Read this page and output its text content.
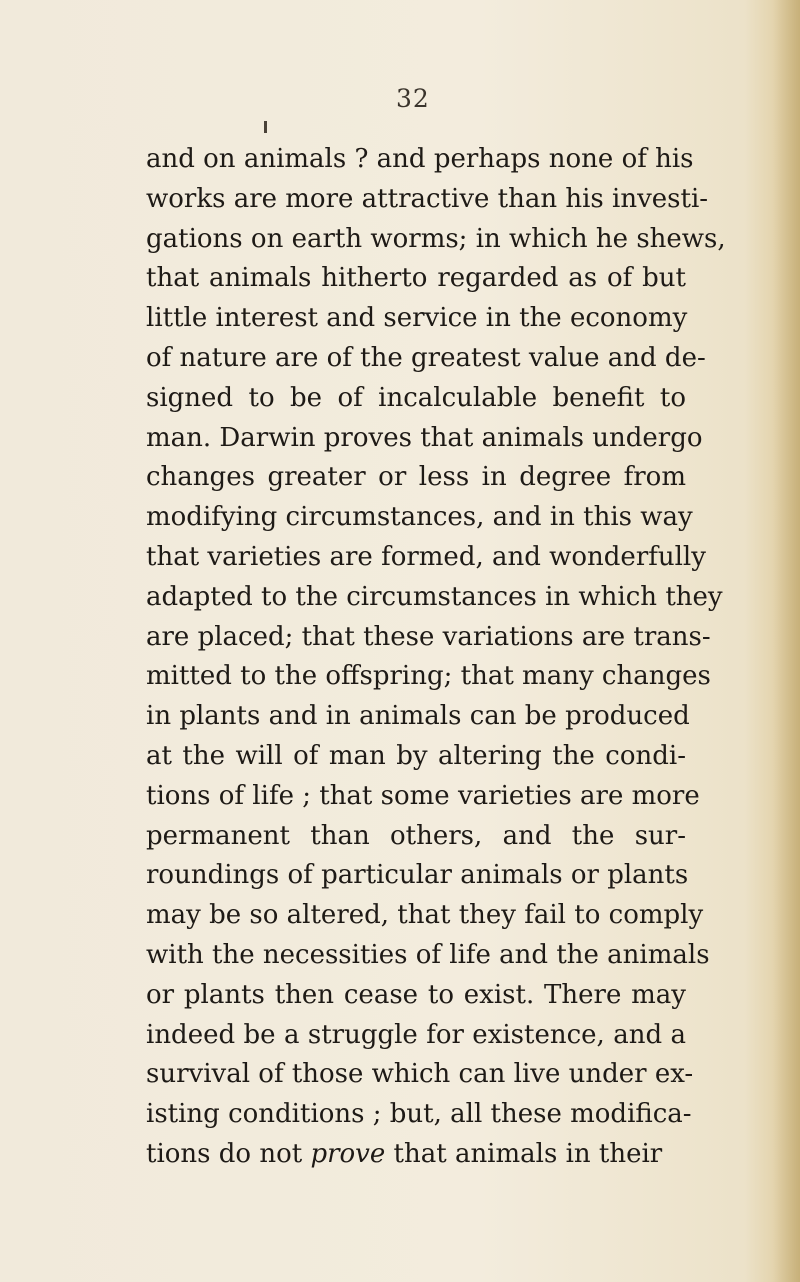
32
and on animals ? and perhaps none of his
works are more attractive than his investi-
gations on earth worms; in which he shews,
that animals hitherto regarded as of but
little interest and service in the economy
of nature are of the greatest value and de-
signed to be of incalculable benefit to
man. Darwin proves that animals undergo
changes greater or less in degree from
modifying circumstances, and in this way
that varieties are formed, and wonderfully
adapted to the circumstances in which they
are placed; that these variations are trans-
mitted to the offspring; that many changes
in plants and in animals can be produced
at the will of man by altering the condi-
tions of life ; that some varieties are more
permanent than others, and the sur-
roundings of particular animals or plants
may be so altered, that they fail to comply
with the necessities of life and the animals
or plants then cease to exist. There may
indeed be a struggle for existence, and a
survival of those which can live under ex-
isting conditions ; but, all these modifica-
tions do not prove that animals in their
